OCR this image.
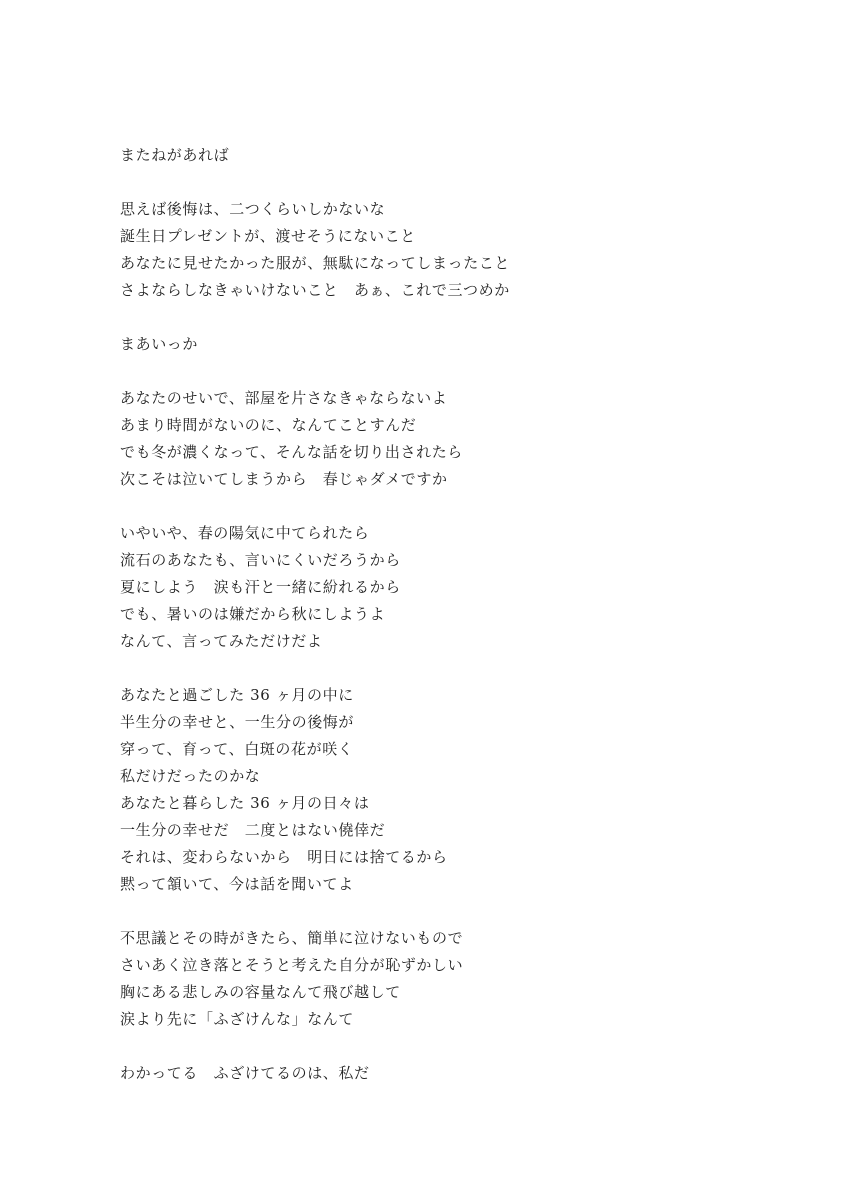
またねがあれば
思えば後悔は、二つくらいしかないな
誕生日プレゼントが、渡せそうにないこと
あなたに見せたかった服が、無駄になってしまったこと
さよならしなきゃいけないこと　あぁ、これで三つめか
まあいっか
あなたのせいで、部屋を片さなきゃならないよ
あまり時間がないのに、なんてことすんだ
でも冬が濃くなって、そんな話を切り出されたら
次こそは泣いてしまうから　春じゃダメですか
いやいや、春の陽気に中てられたら
流石のあなたも、言いにくいだろうから
夏にしよう　涙も汗と一緒に紛れるから
でも、暑いのは嫌だから秋にしようよ
なんて、言ってみただけだよ
あなたと過ごした 36 ヶ月の中に
半生分の幸せと、一生分の後悔が
穿って、育って、白斑の花が咲く
私だけだったのかな
あなたと暮らした 36 ヶ月の日々は
一生分の幸せだ　二度とはない僥倖だ
それは、変わらないから　明日には捨てるから
黙って頷いて、今は話を聞いてよ
不思議とその時がきたら、簡単に泣けないもので
さいあく泣き落とそうと考えた自分が恥ずかしい
胸にある悲しみの容量なんて飛び越して
涙より先に「ふざけんな」なんて
わかってる　ふざけてるのは、私だ
